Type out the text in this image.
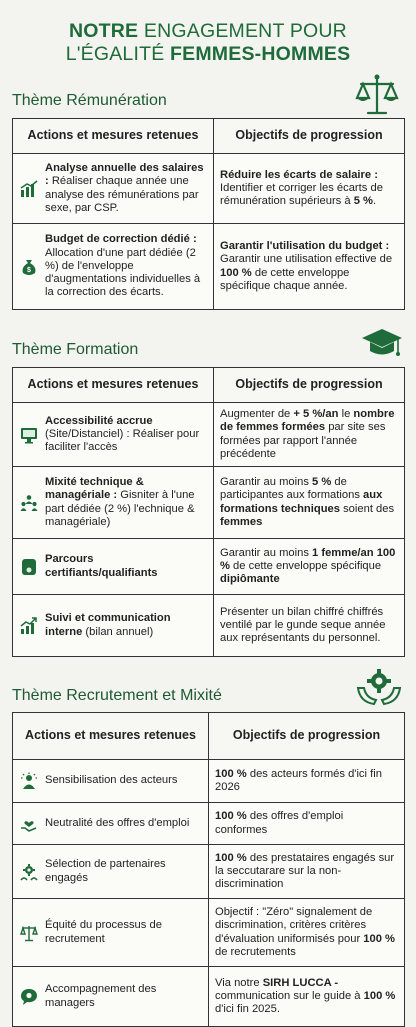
NOTRE ENGAGEMENT POUR
L'ÉGALITÉ FEMMES-HOMMES
Thème Rémunération
Actions et mesures retenues	Objectifs de progression

Analyse annuelle des salaires : Réaliser chaque année une analyse des rémunérations par sexe, par CSP.	Réduire les écarts de salaire : Identifier et corriger les écarts de rémunération supérieurs à 5 %.

$
Budget de correction dédié : Allocation d'une part dédiée (2 %) de l'enveloppe d'augmentations individuelles à la correction des écarts.	Garantir l'utilisation du budget : Garantir une utilisation effective de 100 % de cette enveloppe spécifique chaque année.
Thème Formation
Actions et mesures retenues	Objectifs de progression

Accessibilité accrue (Site/Distanciel) : Réaliser pour faciliter l'accès	Augmenter de + 5 %/an le nombre de femmes formées par site ses formées par rapport l'année précédente

Mixité technique & managériale : Gisniter à l'une part dédiée (2 %) l'echnique & managériale)	Garantir au moins 5 % de participantes aux formations aux formations techniques soient des femmes

Parcours certifiants/qualifiants	Garantir au moins 1 femme/an 100 % de cette enveloppe spécifique dipiômante

Suivi et communication interne (bilan annuel)	Présenter un bilan chiffré chiffrés ventilé par le gunde seque année aux représentants du personnel.
Thème Recrutement et Mixité
Actions et mesures retenues	Objectifs de progression

Sensibilisation des acteurs	100 % des acteurs formés d'ici fin 2026

Neutralité des offres d'emploi	100 % des offres d'emploi conformes

Sélection de partenaires engagés	100 % des prestataires engagés sur la seccutarare sur la non-discrimination

Équité du processus de recrutement	Objectif : "Zéro" signalement de discrimination, critères critères d'évaluation uniformisés pour 100 % de recrutements

Accompagnement des managers	Via notre SIRH LUCCA - communication sur le guide à 100 % d'ici fin 2025.
